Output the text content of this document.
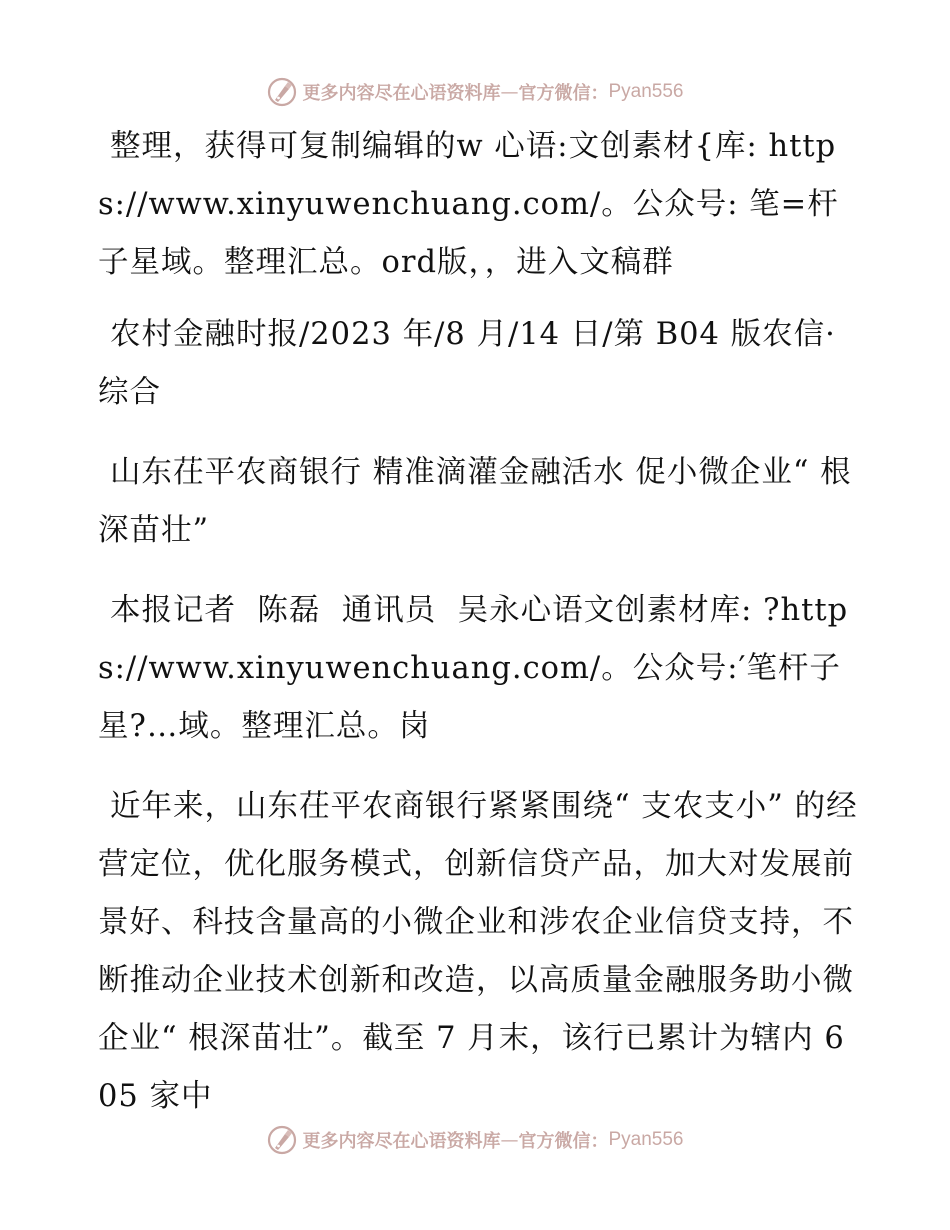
更多内容尽在心语资料库 — 官方微信： Pyan556

整理，获得可复制编辑的w 心语:文创素材{库: https://www.xinyuwenchuang.com/。公众号: 笔=杆子星域。整理汇总。ord版，，进入文稿群

农村金融时报/2023 年/8 月/14 日/第 B04 版农信· 综合

山东茌平农商银行 精准滴灌金融活水 促小微企业“ 根深苗壮”

本报记者  陈磊  通讯员  吴永心语文创素材库: ?https://www.xinyuwenchuang.com/。公众号:′笔杆子星?…域。整理汇总。岗

近年来，山东茌平农商银行紧紧围绕“ 支农支小” 的经营定位，优化服务模式，创新信贷产品，加大对发展前景好、科技含量高的小微企业和涉农企业信贷支持，不断推动企业技术创新和改造，以高质量金融服务助小微企业“ 根深苗壮”。截至 7 月末，该行已累计为辖内 605 家中

更多内容尽在心语资料库 — 官方微信： Pyan556
